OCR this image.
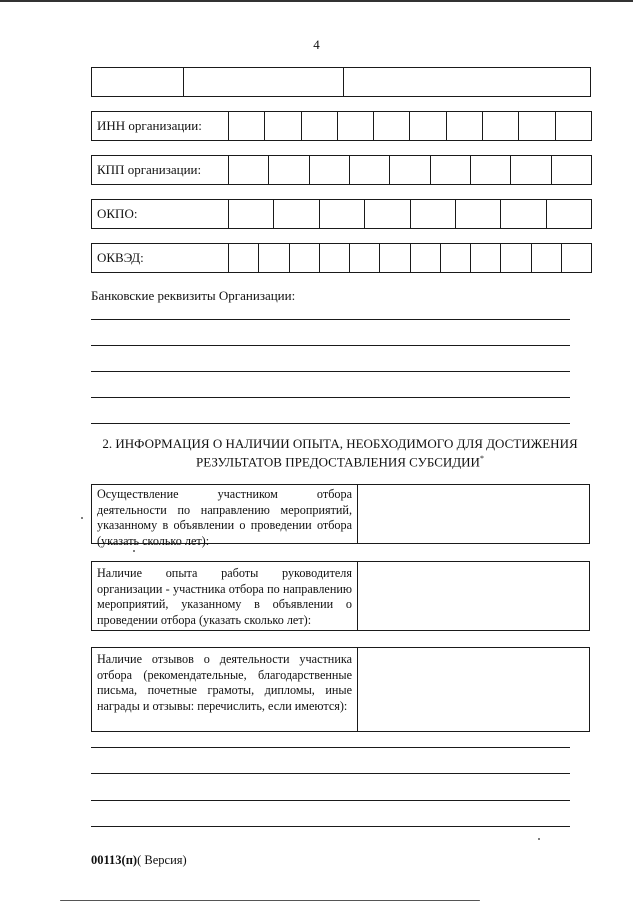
4
ИНН организации:
КПП организации:
ОКПО:
ОКВЭД:
Банковские реквизиты Организации:
2. ИНФОРМАЦИЯ О НАЛИЧИИ ОПЫТА, НЕОБХОДИМОГО ДЛЯ ДОСТИЖЕНИЯ
РЕЗУЛЬТАТОВ ПРЕДОСТАВЛЕНИЯ СУБСИДИИ*
Осуществление участником отбора деятельности по направлению мероприятий, указанному в объявлении о проведении отбора (указать сколько лет):
Наличие опыта работы руководителя организации - участника отбора по направлению мероприятий, указанному в объявлении о проведении отбора (указать сколько лет):
Наличие отзывов о деятельности участника отбора (рекомендательные, благодарственные письма, почетные грамоты, дипломы, иные награды и отзывы: перечислить, если имеются):
00113(п)( Версия)
